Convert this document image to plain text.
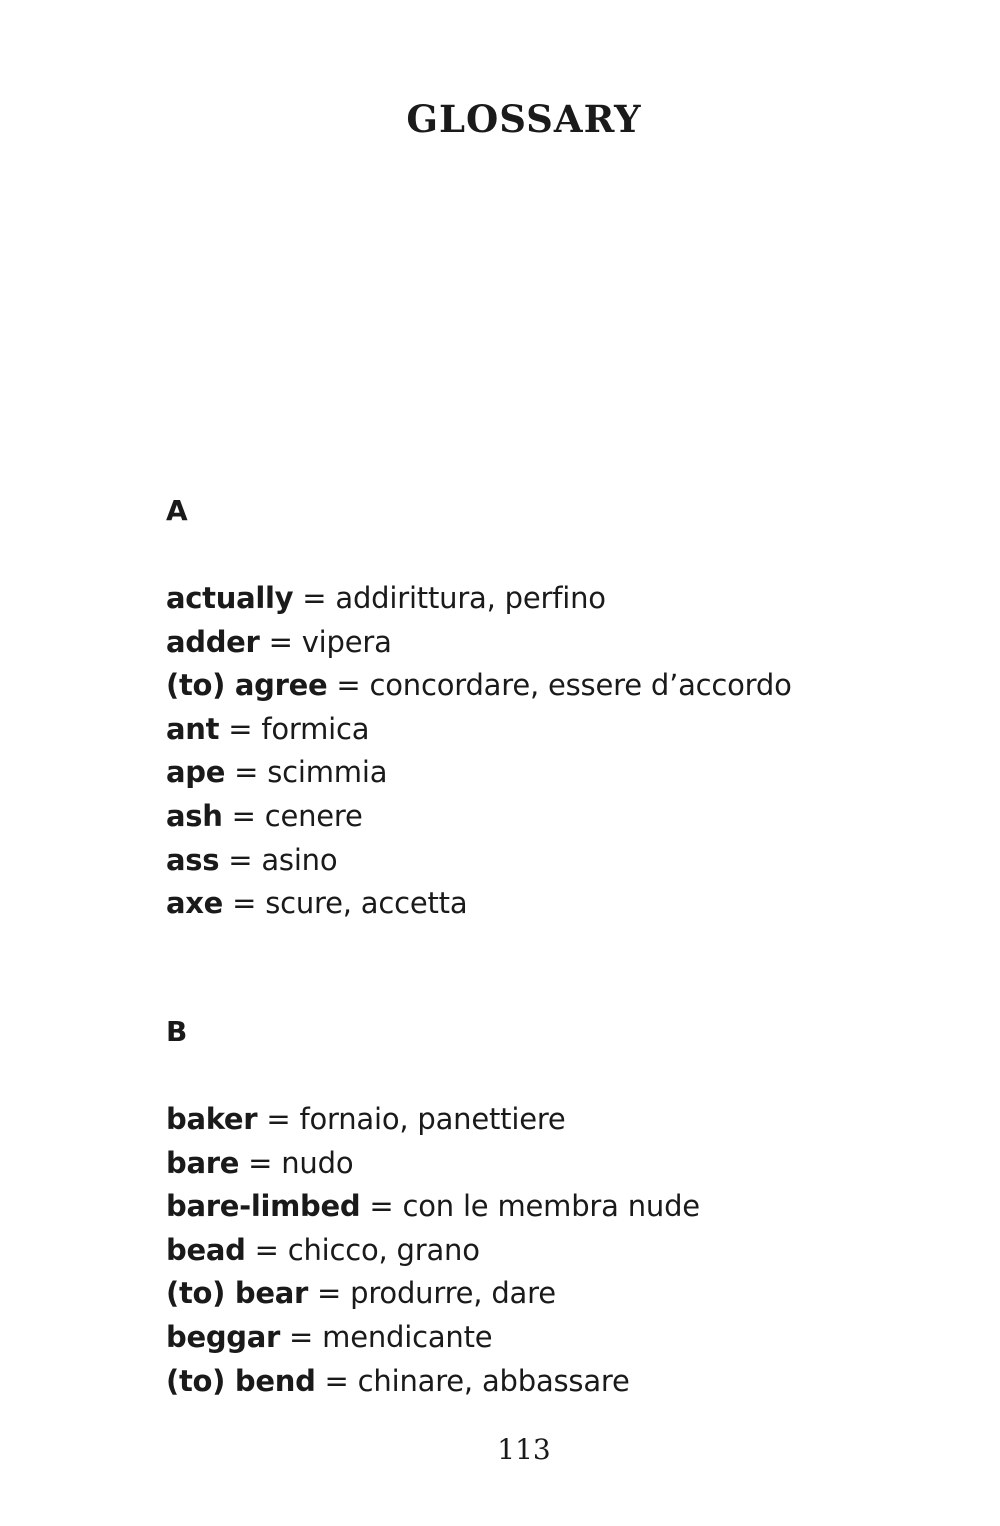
GLOSSARY
A
actually = addirittura, perfino
adder = vipera
(to) agree = concordare, essere d’accordo
ant = formica
ape = scimmia
ash = cenere
ass = asino
axe = scure, accetta
B
baker = fornaio, panettiere
bare = nudo
bare-limbed = con le membra nude
bead = chicco, grano
(to) bear = produrre, dare
beggar = mendicante
(to) bend = chinare, abbassare
113
